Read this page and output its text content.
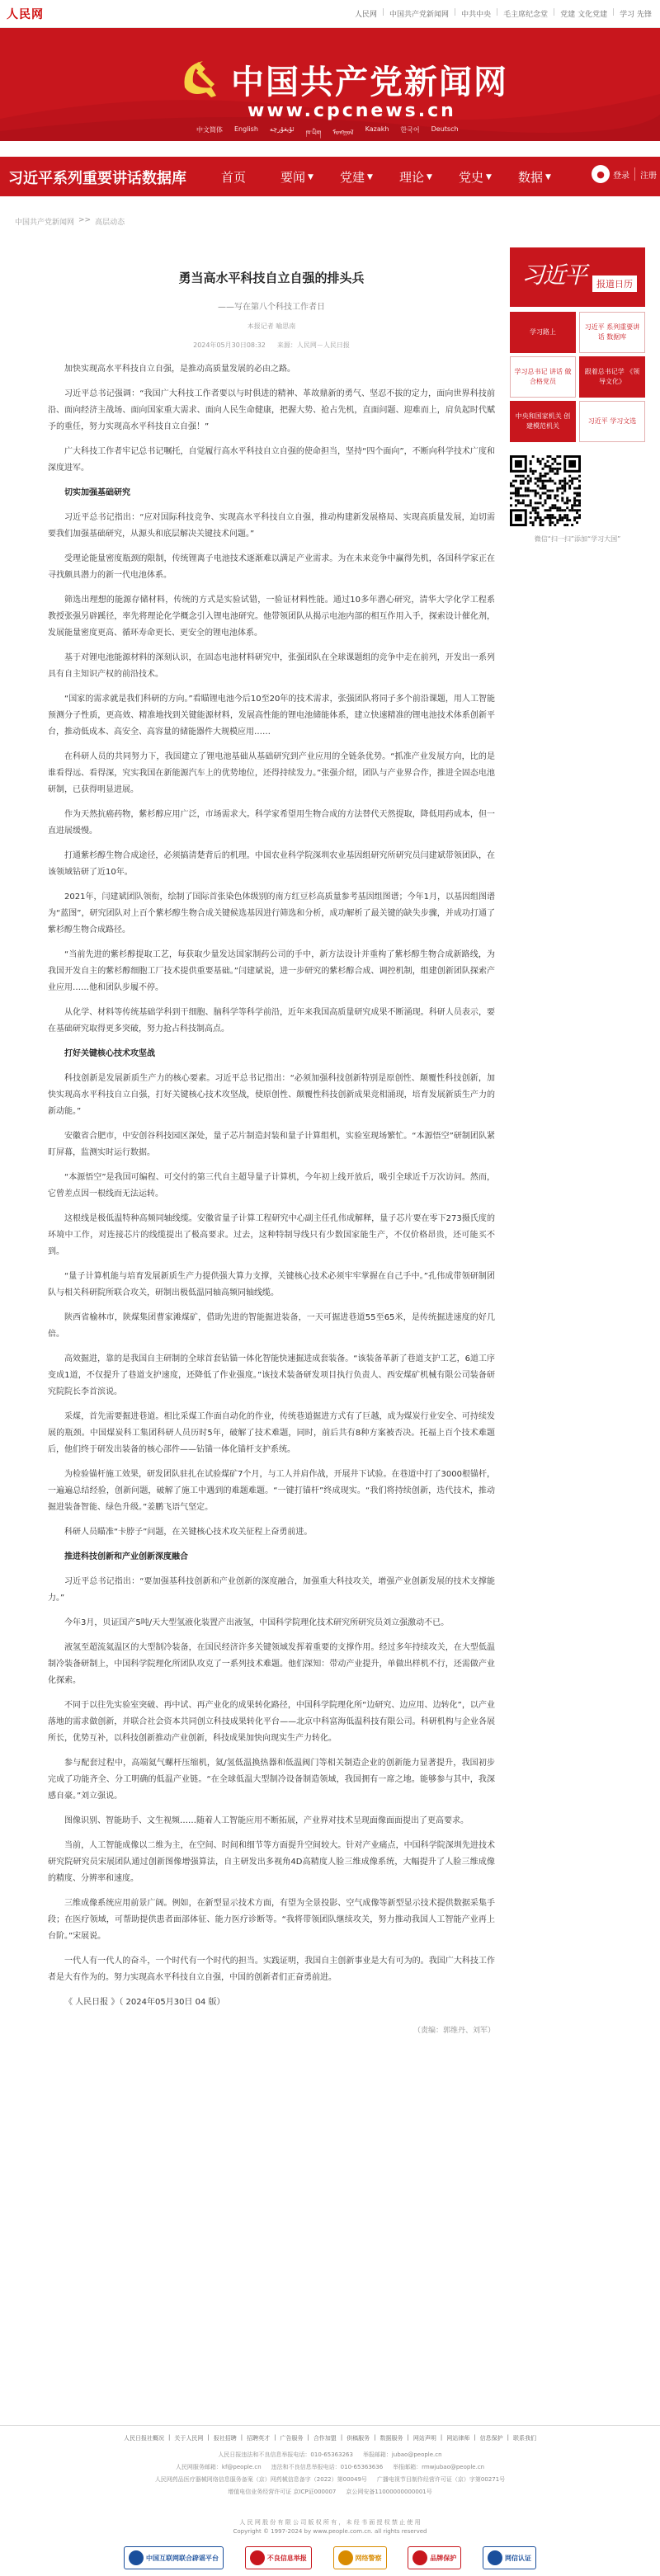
人民网	人民网 | 中国共产党新闻网 | 中共中央 | 毛主席纪念堂 | 党建 文化党建 | 学习 先锋
中国共产党新闻网
www.cpcnews.cn
中文简体 English ئۇيغۇرچە
ཁ་ཡིག ᠮᠣᠩᠭᠣᠯ Kazakh 한국어 Deutsch
习近平系列重要讲话数据库	首页	要闻 ▼ 党建 ▼ 理论 ▼ 党史 ▼ 数据 ▼	●	登录 注册
中国共产党新闻网 >> 高层动态
勇当高水平科技自立自强的排头兵
——写在第八个科技工作者日
本报记者 喻思南
2024年05月30日08:32 来源：人民网－人民日报

加快实现高水平科技自立自强，是推动高质量发展的必由之路。

习近平总书记强调：“我国广大科技工作者要以与时俱进的精神、革故鼎新的勇气、坚忍不拔的定力，面向世界科技前沿、面向经济主战场、面向国家重大需求、面向人民生命健康，把握大势、抢占先机，直面问题、迎难而上，肩负起时代赋予的重任，努力实现高水平科技自立自强！”

广大科技工作者牢记总书记嘱托，自觉履行高水平科技自立自强的使命担当，坚持“四个面向”，不断向科学技术广度和深度进军。

切实加强基础研究

习近平总书记指出：“应对国际科技竞争、实现高水平科技自立自强，推动构建新发展格局、实现高质量发展，迫切需要我们加强基础研究，从源头和底层解决关键技术问题。”

受理论能量密度瓶颈的限制，传统锂离子电池技术逐渐难以满足产业需求。为在未来竞争中赢得先机，各国科学家正在寻找颇具潜力的新一代电池体系。

筛选出理想的能源存储材料，传统的方式是实验试错，一验证材料性能。通过10多年潜心研究，清华大学化学工程系教授张强另辟蹊径，率先将理论化学概念引入锂电池研究。他带领团队从揭示电池内部的相互作用入手，探索设计催化剂，发展能量密度更高、循环寿命更长、更安全的锂电池体系。

基于对锂电池能源材料的深刻认识，在固态电池材料研究中，张强团队在全球课题组的竞争中走在前列，开发出一系列具有自主知识产权的前沿技术。

“国家的需求就是我们科研的方向。”看瞄锂电池今后10至20年的技术需求，张强团队将同子多个前沿课题，用人工智能预测分子性质，更高效、精准地找到关键能源材料，发展高性能的锂电池储能体系，建立快速精准的锂电池技术体系创新平台，推动低成本、高安全、高容量的储能器件大规模应用……

在科研人员的共同努力下，我国建立了锂电池基础从基础研究到产业应用的全链条优势。“抓准产业发展方向，比的是谁看得远、看得深，究实我国在新能源汽车上的优势地位，还得持续发力。”张强介绍，团队与产业界合作，推进全固态电池研制，已获得明显进展。

作为天然抗癌药物，紫杉醇应用广泛，市场需求大。科学家希望用生物合成的方法替代天然提取，降低用药成本，但一直进展缓慢。

打通紫杉醇生物合成途径，必须搞清楚背后的机理。中国农业科学院深圳农业基因组研究所研究员闫建斌带领团队，在该领域钻研了近10年。

2021年，闫建斌团队领衔，绘制了国际首张染色体级别的南方红豆杉高质量参考基因组图谱；今年1月，以基因组图谱为“蓝图”，研究团队对上百个紫杉醇生物合成关键候选基因进行筛选和分析，成功解析了最关键的缺失步骤，并成功打通了紫杉醇生物合成路径。

“当前先进的紫杉醇提取工艺，每获取少量发达国家制药公司的手中，新方法设计并重构了紫杉醇生物合成新路线，为我国开发自主的紫杉醇细胞工厂技术提供重要基础。”闫建斌说，进一步研究的紫杉醇合成、调控机制，组建创新团队探索产业应用……他和团队步履不停。

从化学、材料等传统基础学科到干细胞、脑科学等科学前沿，近年来我国高质量研究成果不断涌现。科研人员表示，要在基础研究取得更多突破，努力抢占科技制高点。

打好关键核心技术攻坚战

科技创新是发展新质生产力的核心要素。习近平总书记指出：“必须加强科技创新特别是原创性、颠覆性科技创新，加快实现高水平科技自立自强，打好关键核心技术攻坚战，使原创性、颠覆性科技创新成果竞相涌现，培育发展新质生产力的新动能。”

安徽省合肥市，中安创谷科技园区深处，量子芯片制造封装和量子计算组机，实验室现场繁忙。“本源悟空”研制团队紧盯屏幕，监测实时运行数据。

“本源悟空”是我国可编程、可交付的第三代自主超导量子计算机，今年初上线开放后，吸引全球近千万次访问。然而，它曾差点因一根线而无法运转。

这根线是极低温特种高频同轴线缆。安徽省量子计算工程研究中心副主任孔伟成解释，量子芯片要在零下273摄氏度的环境中工作，对连接芯片的线缆提出了极高要求。过去，这种特制导线只有少数国家能生产，不仅价格昂贵，还可能买不到。

“量子计算机能与培育发展新质生产力提供强大算力支撑，关键核心技术必须牢牢掌握在自己手中。”孔伟成带领研制团队与相关科研院所联合攻关，研制出极低温同轴高频同轴线缆。

陕西省榆林市，陕煤集团曹家滩煤矿，借助先进的智能掘进装备，一天可掘进巷道55至65米，是传统掘进速度的好几倍。

高效掘进，靠的是我国自主研制的全球首套钻锚一体化智能快速掘进成套装备。“该装备革新了巷道支护工艺，6道工序变成1道，不仅提升了巷道支护速度，还降低了作业强度。”该技术装备研发项目执行负责人、西安煤矿机械有限公司装备研究院院长李首滨说。

采煤，首先需要掘进巷道。相比采煤工作面自动化的作业，传统巷道掘进方式有了巨越，成为煤炭行业安全、可持续发展的瓶颈。中国煤炭科工集团科研人员历时5年，破解了技术难题，同时，前后共有8种方案被否决。托福上百个技术难题后，他们终于研发出装备的核心部件——钻锚一体化锚杆支护系统。

为检验锚杆施工效果，研发团队驻扎在试验煤矿7个月，与工人并肩作战，开展井下试验。在巷道中打了3000根锚杆，一遍遍总结经验，创新问题，破解了施工中遇到的难题难题。“一键打锚杆”终成现实。“我们将持续创新，迭代技术，推动掘进装备智能、绿色升级。”姜鹏飞语气坚定。

科研人员瞄准“卡脖子”问题，在关键核心技术攻关征程上奋勇前进。

推进科技创新和产业创新深度融合

习近平总书记指出：“要加强基科技创新和产业创新的深度融合，加强重大科技攻关，增强产业创新发展的技术支撑能力。”

今年3月，贝证国产5吨/天大型氢液化装置产出液氢，中国科学院理化技术研究所研究员刘立强激动不已。

液氢至超流氦温区的大型制冷装备，在国民经济许多关键领域发挥着重要的支撑作用。经过多年持续攻关，在大型低温制冷装备研制上，中国科学院理化所团队攻克了一系列技术难题。他们深知：带动产业提升，单做出样机不行，还需做产业化探索。

不同于以往先实验室突破、再中试、再产业化的成果转化路径，中国科学院理化所“边研究、边应用、边转化”，以产业落地的需求做创新，并联合社会资本共同创立科技成果转化平台——北京中科富海低温科技有限公司。科研机构与企业各展所长，优势互补，以科技创新推动产业创新，科技成果加快向现实生产力转化。

参与配套过程中，高端氦气螺杆压缩机，氦/氢低温换热器和低温阀门等相关制造企业的创新能力显著提升，我国初步完成了功能齐全、分工明确的低温产业链。“在全球低温大型制冷设备制造领域，我国拥有一席之地。能够参与其中，我深感自豪。”刘立强说。

图像识别、智能助手、文生视频……随着人工智能应用不断拓展，产业界对技术呈现面像面面提出了更高要求。

当前，人工智能成像以二维为主，在空间、时间和细节等方面提升空间较大。针对产业痛点，中国科学院深圳先进技术研究院研究员宋展团队通过创新图像增强算法，自主研发出多视角4D高精度人脸三维成像系统，大幅提升了人脸三维成像的精度、分辨率和速度。

三维成像系统应用前景广阔。例如，在新型显示技术方面，有望为全景投影、空气成像等新型显示技术提供数据采集手段；在医疗领域，可帮助提供患者面部体征、能力医疗诊断等。“我将带领团队继续攻关，努力推动我国人工智能产业再上台阶。”宋展说。

一代人有一代人的奋斗，一个时代有一个时代的担当。实践证明，我国自主创新事业是大有可为的。我国广大科技工作者是大有作为的。努力实现高水平科技自立自强，中国的创新者们正奋勇前进。

《 人民日报 》（ 2024年05月30日 04 版）

（责编：郭维丹、刘军）
习近平	报道日历
学习路上
习近平 系列重要讲话 数据库
学习总书记 讲话 做合格党员
跟着总书记学 《领导文化》
中央和国家机关 创建模范机关
习近平 学习文选
微信“扫一扫”添加“学习大国”
人民日报社概况 | 关于人民网 | 报社招聘 | 招聘英才 | 广告服务 | 合作加盟 | 供稿服务 | 数据服务 | 网站声明 | 网站律师 | 信息保护 | 联系我们
人民日报违法和不良信息举报电话：010-65363263 举报邮箱：jubao@people.cn
人民网服务邮箱：kf@people.cn 违法和不良信息举报电话：010-65363636 举报邮箱：rmwjubao@people.cn
人民网药品医疗器械网络信息服务备案（京）网药械信息备字（2022）第00049号 广播电视节目制作经营许可证（京）字第00271号
增值电信业务经营许可证 京ICP证000007 京公网安备11000000000001号
人 民 网 股 份 有 限 公 司 版 权 所 有 ， 未 经 书 面 授 权 禁 止 使 用
Copyright © 1997-2024 by www.people.com.cn. all rights reserved
中国互联网联合辟谣平台	不良信息举报	网络警察	品牌保护	网信认证
